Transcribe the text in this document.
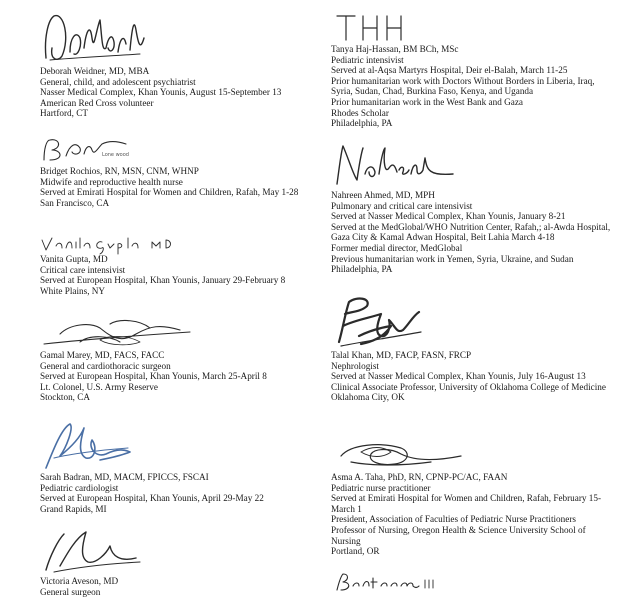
Deborah Weidner, MD, MBA
General, child, and adolescent psychiatrist
Nasser Medical Complex, Khan Younis, August 15-September 13
American Red Cross volunteer
Hartford, CT
Lone wood
Bridget Rochios, RN, MSN, CNM, WHNP
Midwife and reproductive health nurse
Served at Emirati Hospital for Women and Children, Rafah, May 1-28
San Francisco, CA
Vanita Gupta, MD
Critical care intensivist
Served at European Hospital, Khan Younis, January 29-February 8
White Plains, NY
Gamal Marey, MD, FACS, FACC
General and cardiothoracic surgeon
Served at European Hospital, Khan Younis, March 25-April 8
Lt. Colonel, U.S. Army Reserve
Stockton, CA
Sarah Badran, MD, MACM, FPICCS, FSCAI
Pediatric cardiologist
Served at European Hospital, Khan Younis, April 29-May 22
Grand Rapids, MI
Victoria Aveson, MD
General surgeon
Tanya Haj-Hassan, BM BCh, MSc
Pediatric intensivist
Served at al-Aqsa Martyrs Hospital, Deir el-Balah, March 11-25
Prior humanitarian work with Doctors Without Borders in Liberia, Iraq, Syria, Sudan, Chad, Burkina Faso, Kenya, and Uganda
Prior humanitarian work in the West Bank and Gaza
Rhodes Scholar
Philadelphia, PA
Nahreen Ahmed, MD, MPH
Pulmonary and critical care intensivist
Served at Nasser Medical Complex, Khan Younis, January 8-21
Served at the MedGlobal/WHO Nutrition Center, Rafah,; al-Awda Hospital, Gaza City & Kamal Adwan Hospital, Beit Lahia March 4-18
Former medial director, MedGlobal
Previous humanitarian work in Yemen, Syria, Ukraine, and Sudan
Philadelphia, PA
Talal Khan, MD, FACP, FASN, FRCP
Nephrologist
Served at Nasser Medical Complex, Khan Younis, July 16-August 13
Clinical Associate Professor, University of Oklahoma College of Medicine
Oklahoma City, OK
Asma A. Taha, PhD, RN, CPNP-PC/AC, FAAN
Pediatric nurse practitioner
Served at Emirati Hospital for Women and Children, Rafah, February 15-March 1
President, Association of Faculties of Pediatric Nurse Practitioners
Professor of Nursing, Oregon Health & Science University School of Nursing
Portland, OR
